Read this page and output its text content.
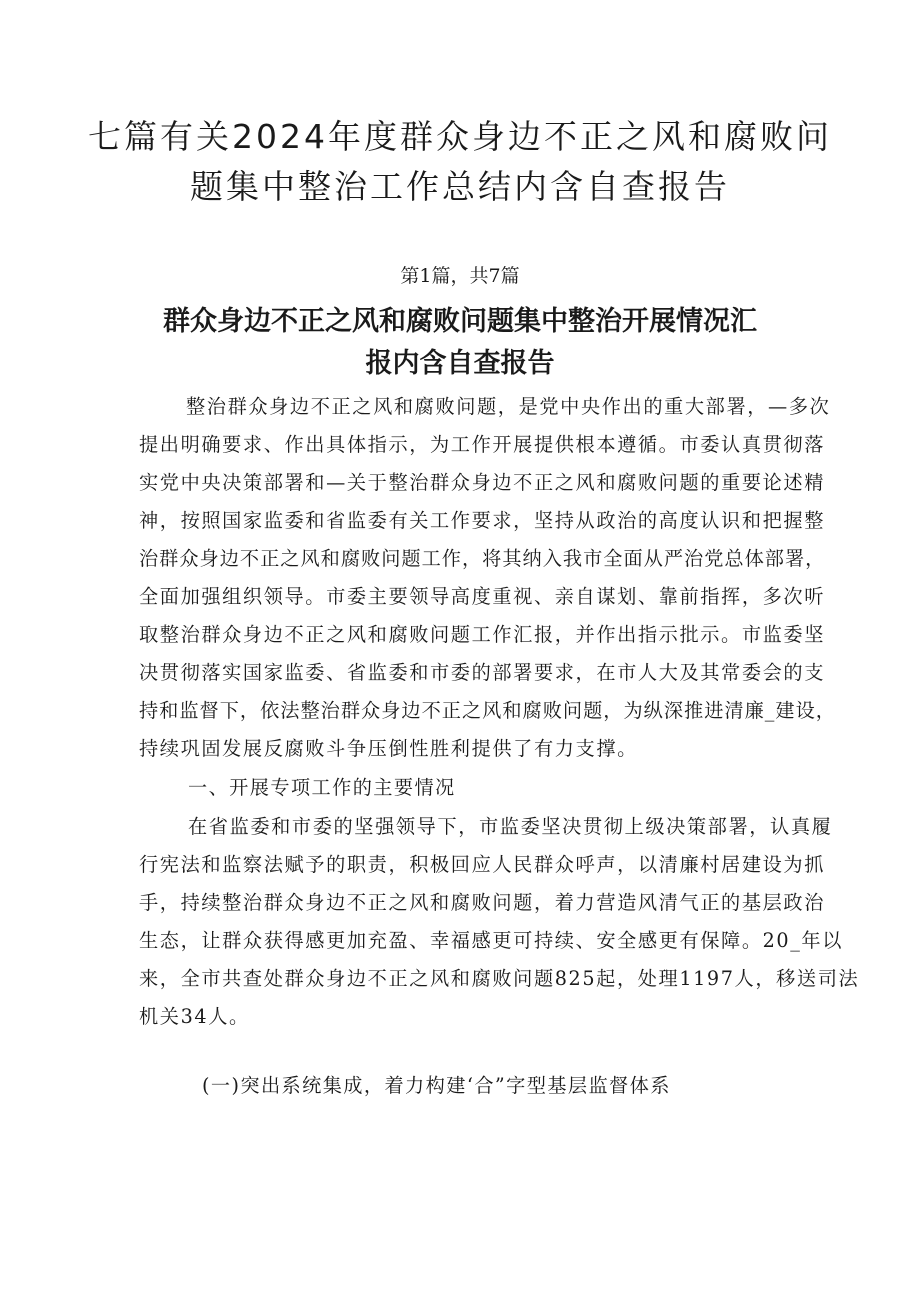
七篇有关2024年度群众身边不正之风和腐败问
题集中整治工作总结内含自查报告
第1篇，共7篇
群众身边不正之风和腐败问题集中整治开展情况汇
报内含自查报告
整治群众身边不正之风和腐败问题，是党中央作出的重大部署，—多次
提出明确要求、作出具体指示，为工作开展提供根本遵循。市委认真贯彻落
实党中央决策部署和—关于整治群众身边不正之风和腐败问题的重要论述精
神，按照国家监委和省监委有关工作要求，坚持从政治的高度认识和把握整
治群众身边不正之风和腐败问题工作，将其纳入我市全面从严治党总体部署，
全面加强组织领导。市委主要领导高度重视、亲自谋划、靠前指挥，多次听
取整治群众身边不正之风和腐败问题工作汇报，并作出指示批示。市监委坚
决贯彻落实国家监委、省监委和市委的部署要求，在市人大及其常委会的支
持和监督下，依法整治群众身边不正之风和腐败问题，为纵深推进清廉_建设，
持续巩固发展反腐败斗争压倒性胜利提供了有力支撑。
一、开展专项工作的主要情况
在省监委和市委的坚强领导下，市监委坚决贯彻上级决策部署，认真履
行宪法和监察法赋予的职责，积极回应人民群众呼声，以清廉村居建设为抓
手，持续整治群众身边不正之风和腐败问题，着力营造风清气正的基层政治
生态，让群众获得感更加充盈、幸福感更可持续、安全感更有保障。20_年以
来，全市共查处群众身边不正之风和腐败问题825起，处理1197人，移送司法
机关34人。
(一)突出系统集成，着力构建‘合”字型基层监督体系
